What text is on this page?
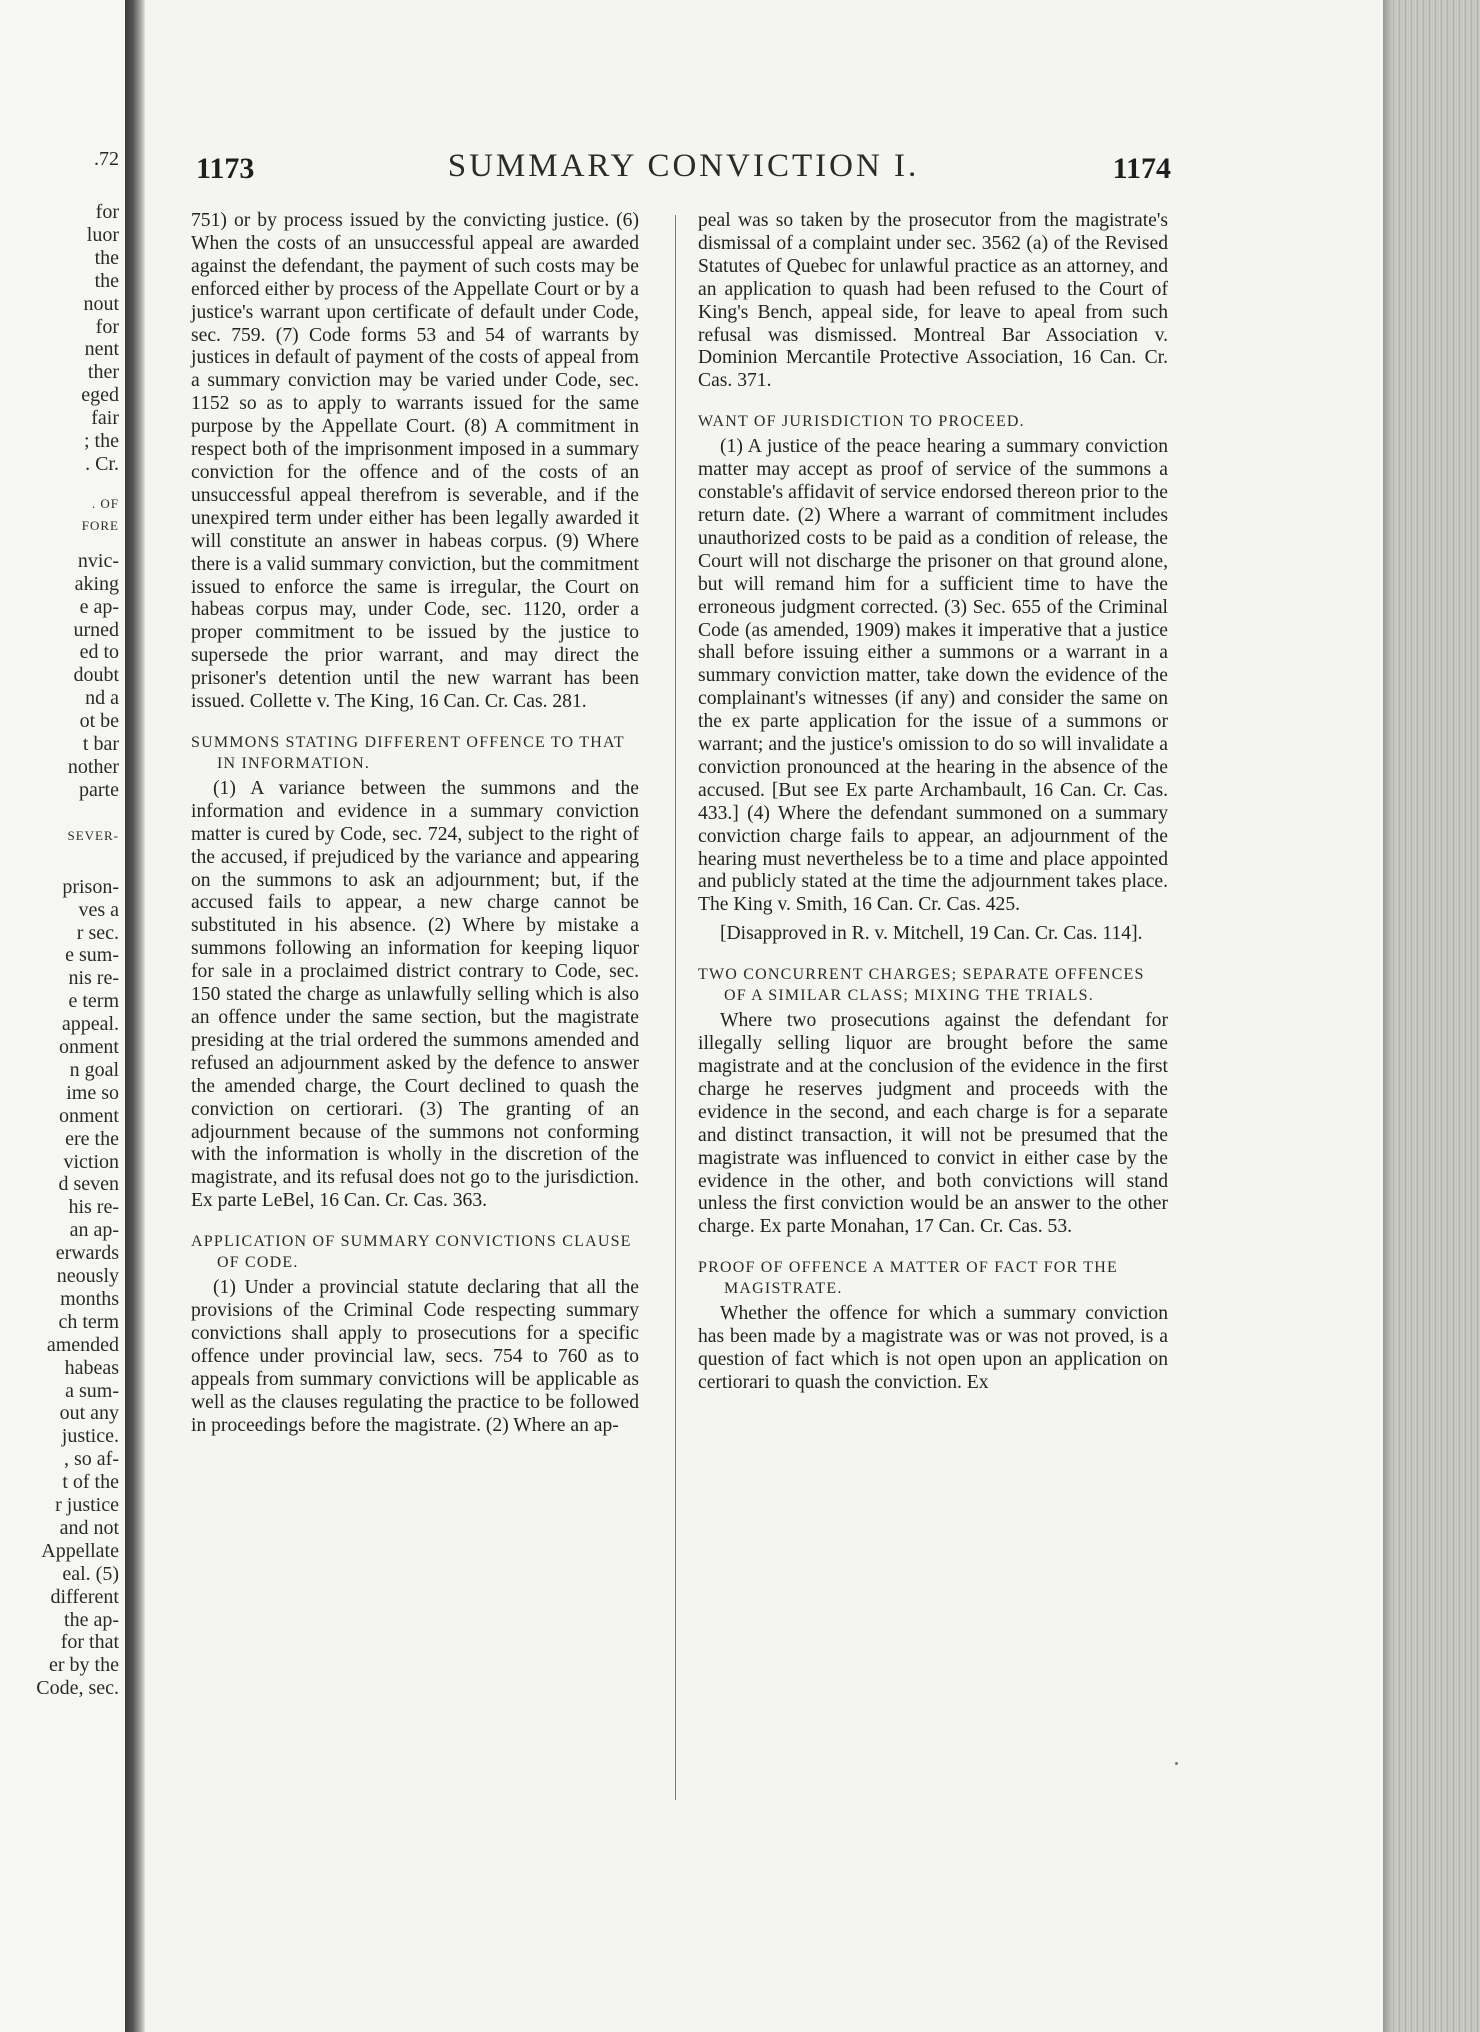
.72
for
luor
the
the
nout
for
nent
ther
eged
fair
; the
. Cr.
. OF
FORE
nvic-
aking
e ap-
urned
ed to
doubt
nd a
ot be
t bar
nother
parte
SEVER-
prison-
ves a
r sec.
e sum-
nis re-
e term
appeal.
onment
n goal
ime so
onment
ere the
viction
d seven
his re-
an ap-
erwards
neously
months
ch term
amended
habeas
a sum-
out any
justice.
, so af-
t of the
r justice
and not
Appellate
eal. (5)
different
the ap-
for that
er by the
Code, sec.
1173	SUMMARY CONVICTION I.	1174

751) or by process issued by the convicting justice. (6) When the costs of an unsuccessful appeal are awarded against the defendant, the payment of such costs may be enforced either by process of the Appellate Court or by a justice's warrant upon certificate of default under Code, sec. 759. (7) Code forms 53 and 54 of warrants by justices in default of payment of the costs of appeal from a summary conviction may be varied under Code, sec. 1152 so as to apply to warrants issued for the same purpose by the Appellate Court. (8) A commitment in respect both of the imprisonment imposed in a summary conviction for the offence and of the costs of an unsuccessful appeal therefrom is severable, and if the unexpired term under either has been legally awarded it will constitute an answer in habeas corpus. (9) Where there is a valid summary conviction, but the commitment issued to enforce the same is irregular, the Court on habeas corpus may, under Code, sec. 1120, order a proper commitment to be issued by the justice to supersede the prior warrant, and may direct the prisoner's detention until the new warrant has been issued. Collette v. The King, 16 Can. Cr. Cas. 281.

SUMMONS STATING DIFFERENT OFFENCE TO THAT IN INFORMATION.

(1) A variance between the summons and the information and evidence in a summary conviction matter is cured by Code, sec. 724, subject to the right of the accused, if prejudiced by the variance and appearing on the summons to ask an adjournment; but, if the accused fails to appear, a new charge cannot be substituted in his absence. (2) Where by mistake a summons following an information for keeping liquor for sale in a proclaimed district contrary to Code, sec. 150 stated the charge as unlawfully selling which is also an offence under the same section, but the magistrate presiding at the trial ordered the summons amended and refused an adjournment asked by the defence to answer the amended charge, the Court declined to quash the conviction on certiorari. (3) The granting of an adjournment because of the summons not conforming with the information is wholly in the discretion of the magistrate, and its refusal does not go to the jurisdiction. Ex parte LeBel, 16 Can. Cr. Cas. 363.

APPLICATION OF SUMMARY CONVICTIONS CLAUSE OF CODE.

(1) Under a provincial statute declaring that all the provisions of the Criminal Code respecting summary convictions shall apply to prosecutions for a specific offence under provincial law, secs. 754 to 760 as to appeals from summary convictions will be applicable as well as the clauses regulating the practice to be followed in proceedings before the magistrate. (2) Where an ap-

peal was so taken by the prosecutor from the magistrate's dismissal of a complaint under sec. 3562 (a) of the Revised Statutes of Quebec for unlawful practice as an attorney, and an application to quash had been refused to the Court of King's Bench, appeal side, for leave to apeal from such refusal was dismissed. Montreal Bar Association v. Dominion Mercantile Protective Association, 16 Can. Cr. Cas. 371.

WANT OF JURISDICTION TO PROCEED.

(1) A justice of the peace hearing a summary conviction matter may accept as proof of service of the summons a constable's affidavit of service endorsed thereon prior to the return date. (2) Where a warrant of commitment includes unauthorized costs to be paid as a condition of release, the Court will not discharge the prisoner on that ground alone, but will remand him for a sufficient time to have the erroneous judgment corrected. (3) Sec. 655 of the Criminal Code (as amended, 1909) makes it imperative that a justice shall before issuing either a summons or a warrant in a summary conviction matter, take down the evidence of the complainant's witnesses (if any) and consider the same on the ex parte application for the issue of a summons or warrant; and the justice's omission to do so will invalidate a conviction pronounced at the hearing in the absence of the accused. [But see Ex parte Archambault, 16 Can. Cr. Cas. 433.] (4) Where the defendant summoned on a summary conviction charge fails to appear, an adjournment of the hearing must nevertheless be to a time and place appointed and publicly stated at the time the adjournment takes place. The King v. Smith, 16 Can. Cr. Cas. 425.

[Disapproved in R. v. Mitchell, 19 Can. Cr. Cas. 114].

TWO CONCURRENT CHARGES; SEPARATE OFFENCES OF A SIMILAR CLASS; MIXING THE TRIALS.

Where two prosecutions against the defendant for illegally selling liquor are brought before the same magistrate and at the conclusion of the evidence in the first charge he reserves judgment and proceeds with the evidence in the second, and each charge is for a separate and distinct transaction, it will not be presumed that the magistrate was influenced to convict in either case by the evidence in the other, and both convictions will stand unless the first conviction would be an answer to the other charge. Ex parte Monahan, 17 Can. Cr. Cas. 53.

PROOF OF OFFENCE A MATTER OF FACT FOR THE MAGISTRATE.

Whether the offence for which a summary conviction has been made by a magistrate was or was not proved, is a question of fact which is not open upon an application on certiorari to quash the conviction. Ex
